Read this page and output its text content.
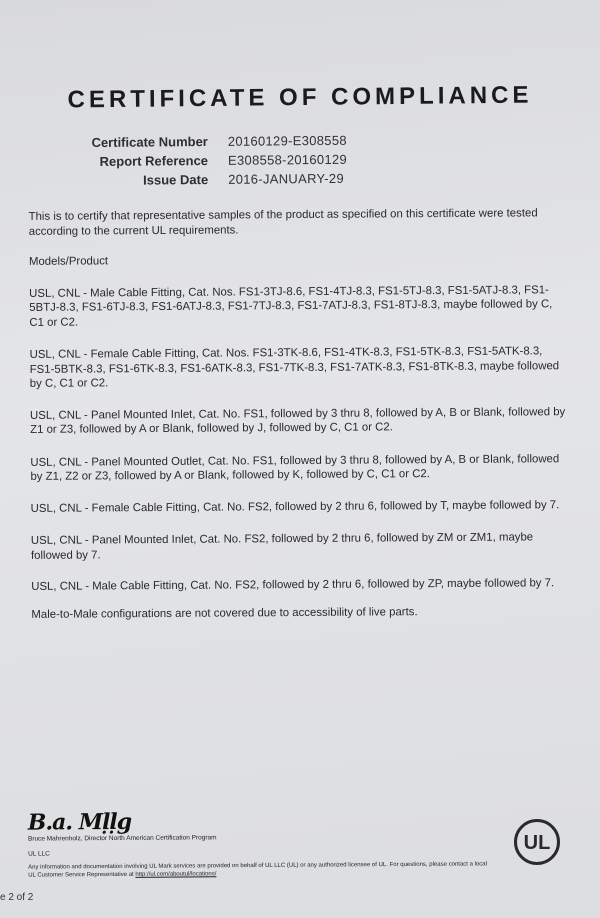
CERTIFICATE OF COMPLIANCE
Certificate Number 20160129-E308558
Report Reference E308558-20160129
Issue Date 2016-JANUARY-29

This is to certify that representative samples of the product as specified on this certificate were tested according to the current UL requirements.

Models/Product

USL, CNL - Male Cable Fitting, Cat. Nos. FS1-3TJ-8.6, FS1-4TJ-8.3, FS1-5TJ-8.3, FS1-5ATJ-8.3, FS1-5BTJ-8.3, FS1-6TJ-8.3, FS1-6ATJ-8.3, FS1-7TJ-8.3, FS1-7ATJ-8.3, FS1-8TJ-8.3, maybe followed by C, C1 or C2.

USL, CNL - Female Cable Fitting, Cat. Nos. FS1-3TK-8.6, FS1-4TK-8.3, FS1-5TK-8.3, FS1-5ATK-8.3, FS1-5BTK-8.3, FS1-6TK-8.3, FS1-6ATK-8.3, FS1-7TK-8.3, FS1-7ATK-8.3, FS1-8TK-8.3, maybe followed by C, C1 or C2.

USL, CNL - Panel Mounted Inlet, Cat. No. FS1, followed by 3 thru 8, followed by A, B or Blank, followed by Z1 or Z3, followed by A or Blank, followed by J, followed by C, C1 or C2.

USL, CNL - Panel Mounted Outlet, Cat. No. FS1, followed by 3 thru 8, followed by A, B or Blank, followed by Z1, Z2 or Z3, followed by A or Blank, followed by K, followed by C, C1 or C2.

USL, CNL - Female Cable Fitting, Cat. No. FS2, followed by 2 thru 6, followed by T, maybe followed by 7.

USL, CNL - Panel Mounted Inlet, Cat. No. FS2, followed by 2 thru 6, followed by ZM or ZM1, maybe followed by 7.

USL, CNL - Male Cable Fitting, Cat. No. FS2, followed by 2 thru 6, followed by ZP, maybe followed by 7.

Male-to-Male configurations are not covered due to accessibility of live parts.

B.a. Mḷḷg
Bruce Mahrenholz, Director North American Certification Program
UL LLC
Any information and documentation involving UL Mark services are provided on behalf of UL LLC (UL) or any authorized licensee of UL. For questions, please contact a local UL Customer Service Representative at http://ul.com/aboutul/locations/
UL
e 2 of 2
